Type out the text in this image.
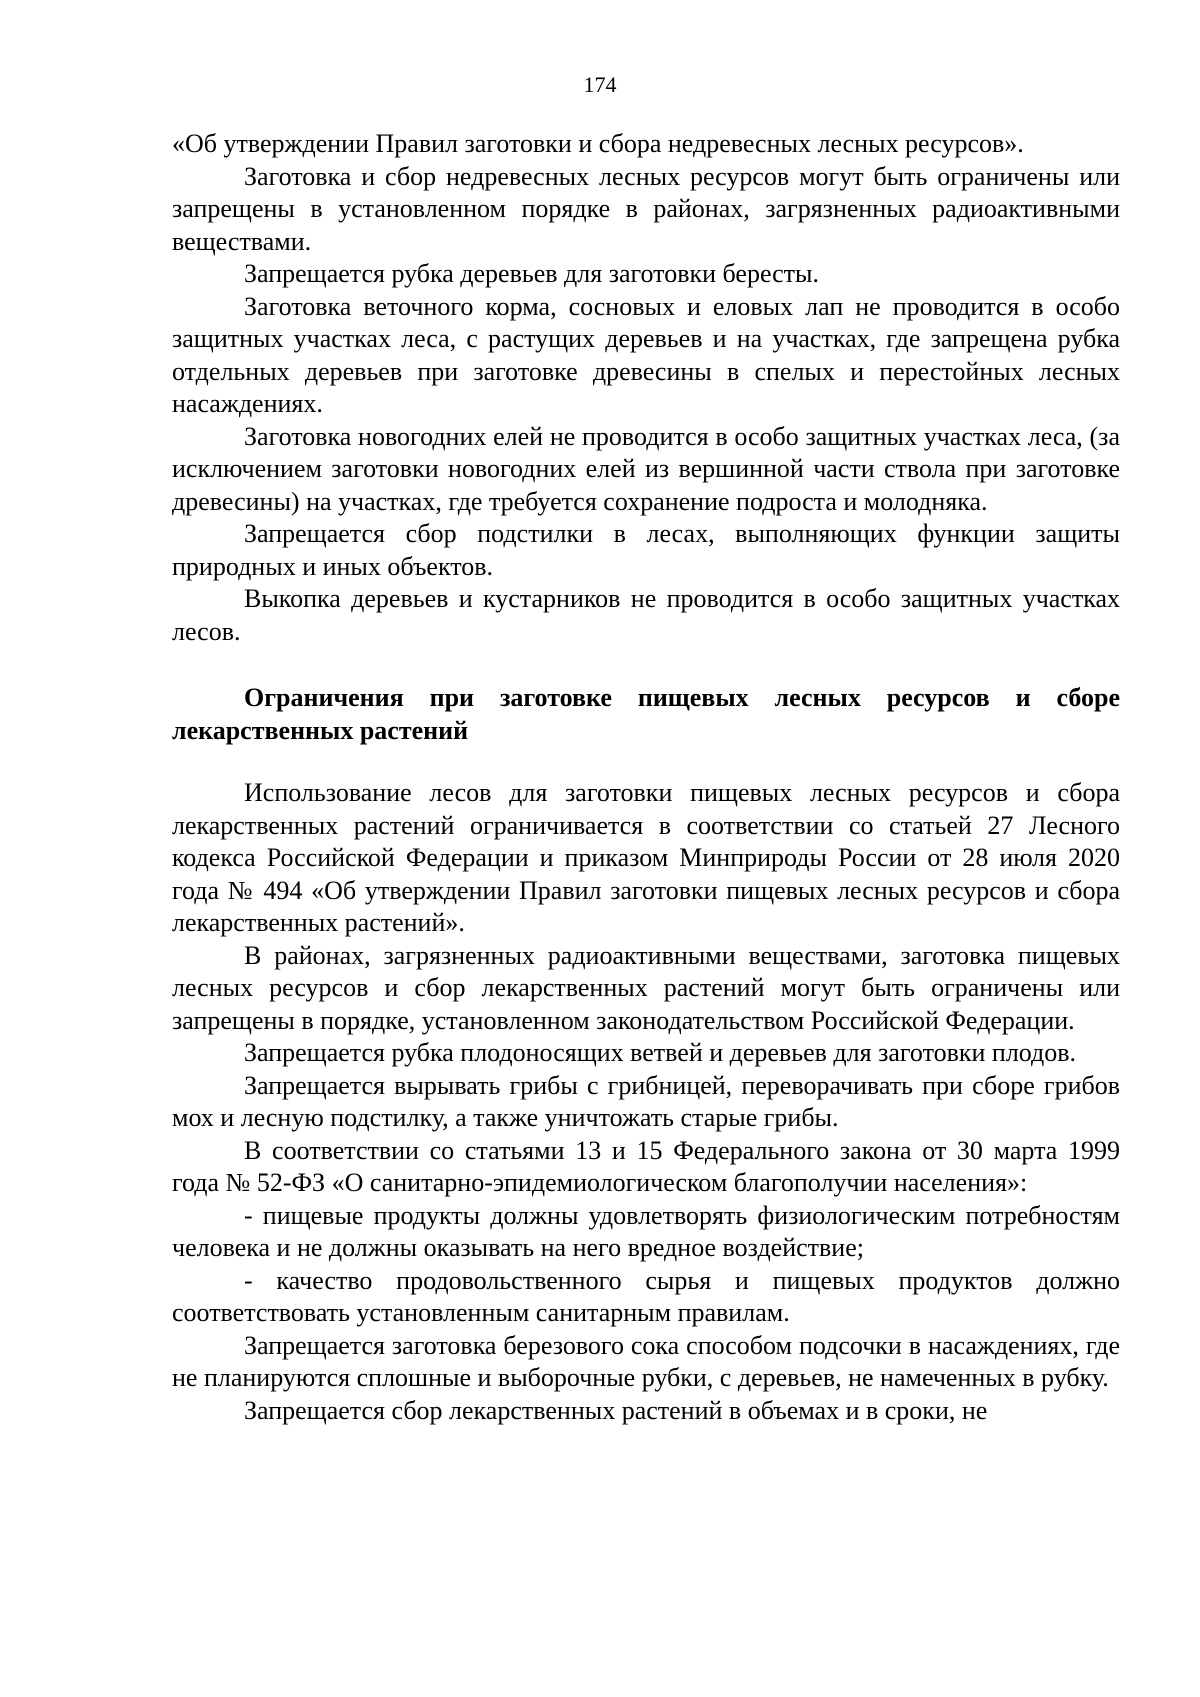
174

«Об утверждении Правил заготовки и сбора недревесных лесных ресурсов».

Заготовка и сбор недревесных лесных ресурсов могут быть ограничены или запрещены в установленном порядке в районах, загрязненных радиоактивными веществами.

Запрещается рубка деревьев для заготовки бересты.

Заготовка веточного корма, сосновых и еловых лап не проводится в особо защитных участках леса, с растущих деревьев и на участках, где запрещена рубка отдельных деревьев при заготовке древесины в спелых и перестойных лесных насаждениях.

Заготовка новогодних елей не проводится в особо защитных участках леса, (за исключением заготовки новогодних елей из вершинной части ствола при заготовке древесины) на участках, где требуется сохранение подроста и молодняка.

Запрещается сбор подстилки в лесах, выполняющих функции защиты природных и иных объектов.

Выкопка деревьев и кустарников не проводится в особо защитных участках лесов.

Ограничения при заготовке пищевых лесных ресурсов и сборе лекарственных растений

Использование лесов для заготовки пищевых лесных ресурсов и сбора лекарственных растений ограничивается в соответствии со статьей 27 Лесного кодекса Российской Федерации и приказом Минприроды России от 28 июля 2020 года № 494 «Об утверждении Правил заготовки пищевых лесных ресурсов и сбора лекарственных растений».

В районах, загрязненных радиоактивными веществами, заготовка пищевых лесных ресурсов и сбор лекарственных растений могут быть ограничены или запрещены в порядке, установленном законодательством Российской Федерации.

Запрещается рубка плодоносящих ветвей и деревьев для заготовки плодов.

Запрещается вырывать грибы с грибницей, переворачивать при сборе грибов мох и лесную подстилку, а также уничтожать старые грибы.

В соответствии со статьями 13 и 15 Федерального закона от 30 марта 1999 года № 52-ФЗ «О санитарно-эпидемиологическом благополучии населения»:

- пищевые продукты должны удовлетворять физиологическим потребностям человека и не должны оказывать на него вредное воздействие;

- качество продовольственного сырья и пищевых продуктов должно соответствовать установленным санитарным правилам.

Запрещается заготовка березового сока способом подсочки в насаждениях, где не планируются сплошные и выборочные рубки, с деревьев, не намеченных в рубку.

Запрещается сбор лекарственных растений в объемах и в сроки, не
